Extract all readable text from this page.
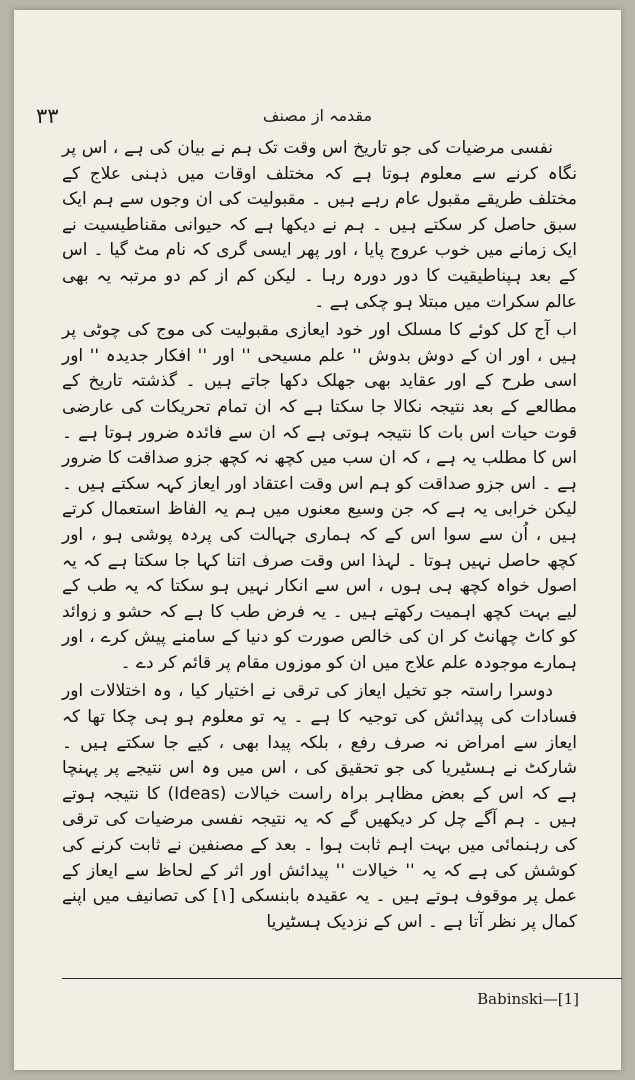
۳۳	مقدمہ از مصنف

نفسی مرضیات کی جو تاریخ اس وقت تک ہم نے بیان کی ہے ، اس پر نگاہ کرنے سے معلوم ہوتا ہے کہ مختلف اوقات میں ذہنی علاج کے مختلف طریقے مقبول عام رہے ہیں ۔ مقبولیت کی ان وجوں سے ہم ایک سبق حاصل کر سکتے ہیں ۔ ہم نے دیکھا ہے کہ حیوانی مقناطیسیت نے ایک زمانے میں خوب عروج پایا ، اور پھر ایسی گری کہ نام مٹ گیا ۔ اس کے بعد ہپناطیقیت کا دور دورہ رہا ۔ لیکن کم از کم دو مرتبہ یہ بھی عالم سکرات میں مبتلا ہو چکی ہے ۔

اب آج کل کوئے کا مسلک اور خود ایعازی مقبولیت کی موج کی چوٹی پر ہیں ، اور ان کے دوش بدوش '' علم مسیحی '' اور '' افکار جدیدہ '' اور اسی طرح کے اور عقاید بھی جھلک دکھا جاتے ہیں ۔ گذشتہ تاریخ کے مطالعے کے بعد نتیجہ نکالا جا سکتا ہے کہ ان تمام تحریکات کی عارضی قوت حیات اس بات کا نتیجہ ہوتی ہے کہ ان سے فائدہ ضرور ہوتا ہے ۔ اس کا مطلب یہ ہے ، کہ ان سب میں کچھ نہ کچھ جزو صداقت کا ضرور ہے ۔ اس جزو صداقت کو ہم اس وقت اعتقاد اور ایعاز کہہ سکتے ہیں ۔ لیکن خرابی یہ ہے کہ جن وسیع معنوں میں ہم یہ الفاظ استعمال کرتے ہیں ، اُن سے سوا اس کے کہ ہماری جہالت کی پردہ پوشی ہو ، اور کچھ حاصل نہیں ہوتا ۔ لہذا اس وقت صرف اتنا کہا جا سکتا ہے کہ یہ اصول خواہ کچھ ہی ہوں ، اس سے انکار نہیں ہو سکتا کہ یہ طب کے لیے بہت کچھ اہمیت رکھتے ہیں ۔ یہ فرض طب کا ہے کہ حشو و زوائد کو کاٹ چھانٹ کر ان کی خالص صورت کو دنیا کے سامنے پیش کرے ، اور ہمارے موجودہ علم علاج میں ان کو موزوں مقام پر قائم کر دے ۔

دوسرا راستہ جو تخیل ایعاز کی ترقی نے اختیار کیا ، وہ اختلالات اور فسادات کی پیدائش کی توجیہ کا ہے ۔ یہ تو معلوم ہو ہی چکا تھا کہ ایعاز سے امراض نہ صرف رفع ، بلکہ پیدا بھی ، کیے جا سکتے ہیں ۔ شارکٹ نے ہسٹیریا کی جو تحقیق کی ، اس میں وہ اس نتیجے پر پہنچا ہے کہ اس کے بعض مظاہر براہ راست خیالات (Ideas) کا نتیجہ ہوتے ہیں ۔ ہم آگے چل کر دیکھیں گے کہ یہ نتیجہ نفسی مرضیات کی ترقی کی رہنمائی میں بہت اہم ثابت ہوا ۔ بعد کے مصنفین نے ثابت کرنے کی کوشش کی ہے کہ یہ '' خیالات '' پیدائش اور اثر کے لحاظ سے ایعاز کے عمل پر موقوف ہوتے ہیں ۔ یہ عقیدہ بابنسکی [۱] کی تصانیف میں اپنے کمال پر نظر آتا ہے ۔ اس کے نزدیک ہسٹیریا

Babinski—[1]
